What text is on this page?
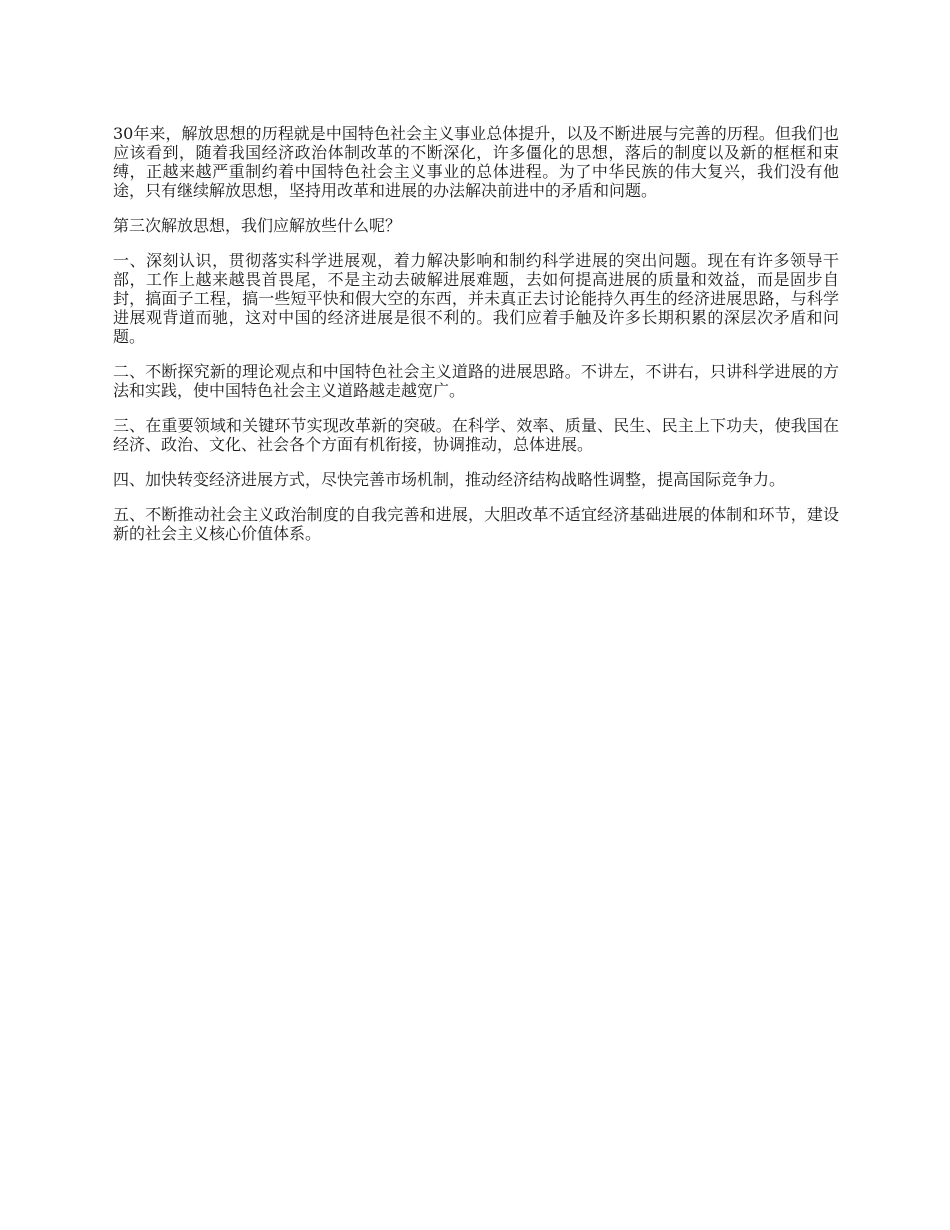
30年来，解放思想的历程就是中国特色社会主义事业总体提升，以及不断进展与完善的历程。但我们也应该看到，随着我国经济政治体制改革的不断深化，许多僵化的思想，落后的制度以及新的框框和束缚，正越来越严重制约着中国特色社会主义事业的总体进程。为了中华民族的伟大复兴，我们没有他途，只有继续解放思想，坚持用改革和进展的办法解决前进中的矛盾和问题。

第三次解放思想，我们应解放些什么呢？

一、深刻认识，贯彻落实科学进展观，着力解决影响和制约科学进展的突出问题。现在有许多领导干部，工作上越来越畏首畏尾，不是主动去破解进展难题，去如何提高进展的质量和效益，而是固步自封，搞面子工程，搞一些短平快和假大空的东西，并未真正去讨论能持久再生的经济进展思路，与科学进展观背道而驰，这对中国的经济进展是很不利的。我们应着手触及许多长期积累的深层次矛盾和问题。

二、不断探究新的理论观点和中国特色社会主义道路的进展思路。不讲左，不讲右，只讲科学进展的方法和实践，使中国特色社会主义道路越走越宽广。

三、在重要领域和关键环节实现改革新的突破。在科学、效率、质量、民生、民主上下功夫，使我国在经济、政治、文化、社会各个方面有机衔接，协调推动，总体进展。

四、加快转变经济进展方式，尽快完善市场机制，推动经济结构战略性调整，提高国际竞争力。

五、不断推动社会主义政治制度的自我完善和进展，大胆改革不适宜经济基础进展的体制和环节，建设新的社会主义核心价值体系。
